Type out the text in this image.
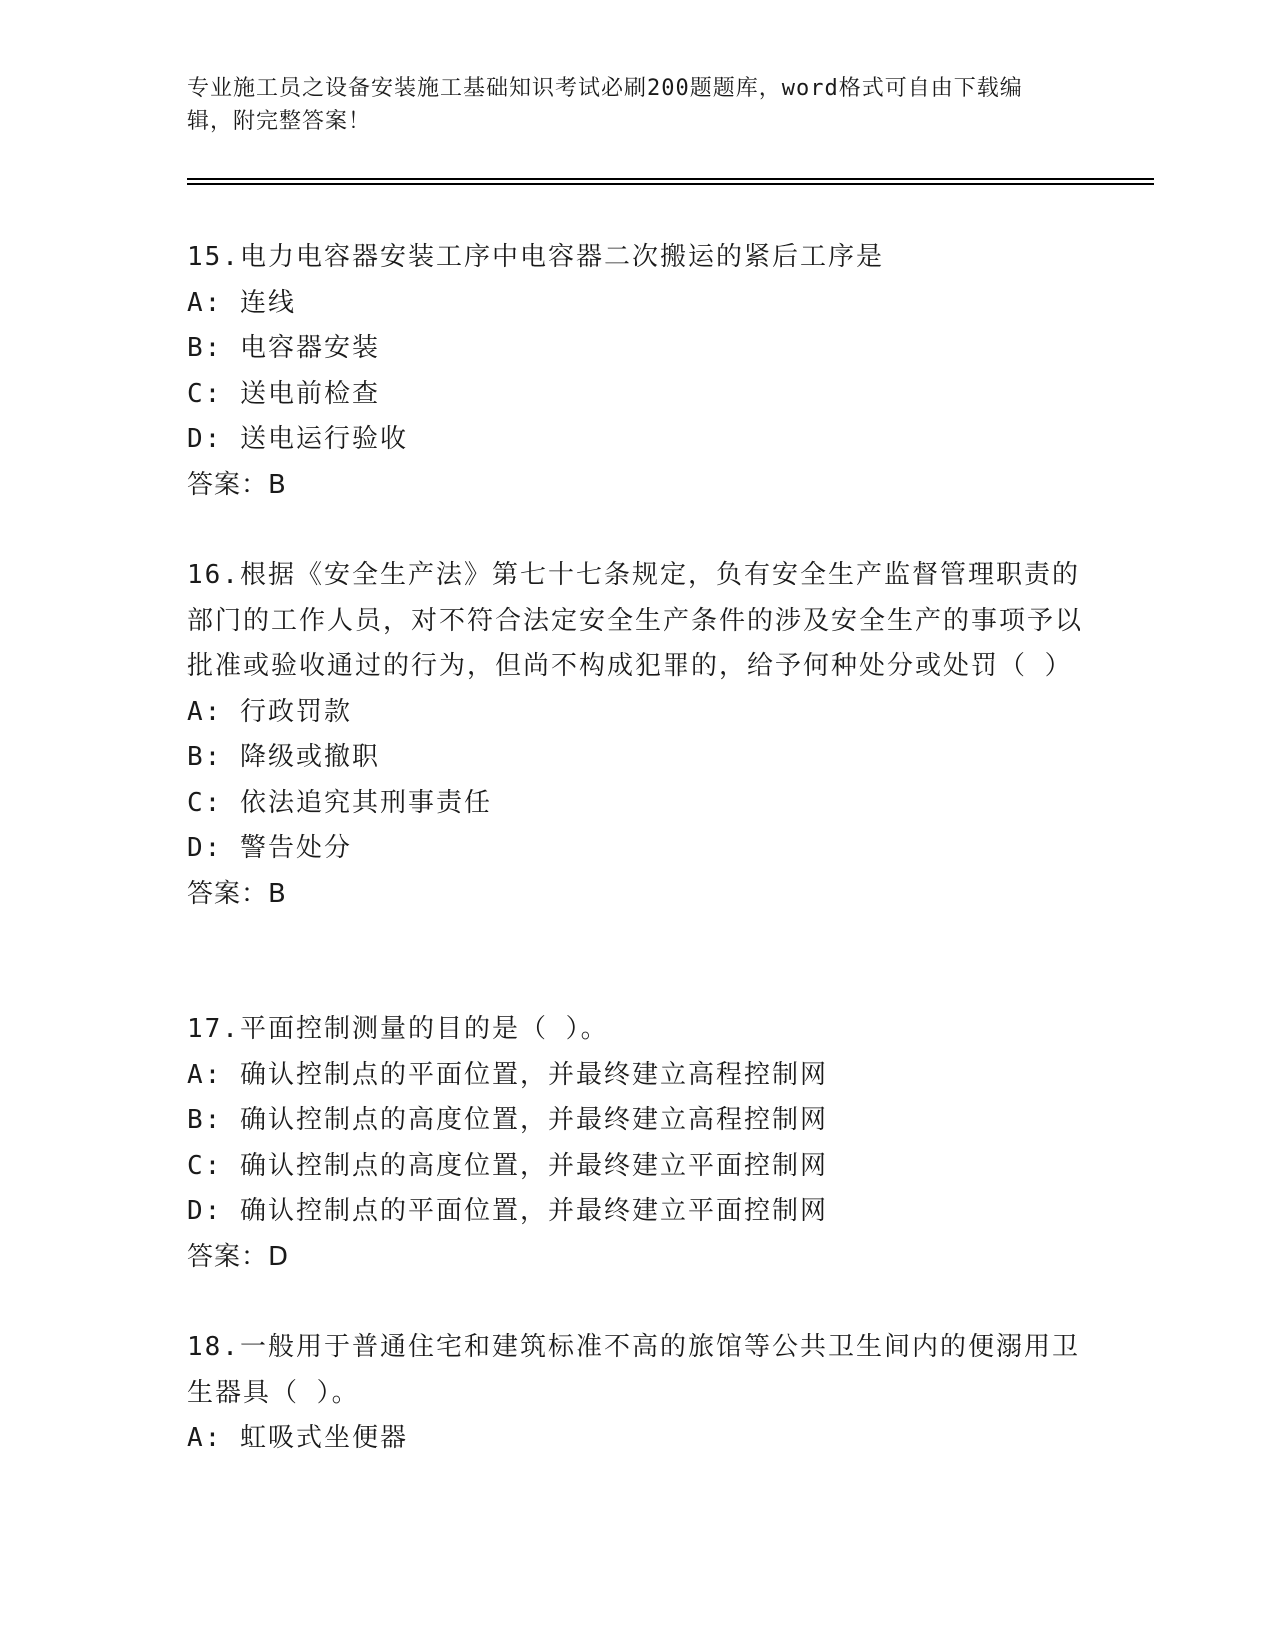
专业施工员之设备安装施工基础知识考试必刷200题题库，word格式可自由下载编辑，附完整答案！
15.电力电容器安装工序中电容器二次搬运的紧后工序是
A: 连线
B: 电容器安装
C: 送电前检查
D: 送电运行验收
答案：B
16.根据《安全生产法》第七十七条规定，负有安全生产监督管理职责的部门的工作人员，对不符合法定安全生产条件的涉及安全生产的事项予以批准或验收通过的行为，但尚不构成犯罪的，给予何种处分或处罚（ ）
A: 行政罚款
B: 降级或撤职
C: 依法追究其刑事责任
D: 警告处分
答案：B
17.平面控制测量的目的是（ ）。
A: 确认控制点的平面位置，并最终建立高程控制网
B: 确认控制点的高度位置，并最终建立高程控制网
C: 确认控制点的高度位置，并最终建立平面控制网
D: 确认控制点的平面位置，并最终建立平面控制网
答案：D
18.一般用于普通住宅和建筑标准不高的旅馆等公共卫生间内的便溺用卫生器具（ ）。
A: 虹吸式坐便器
